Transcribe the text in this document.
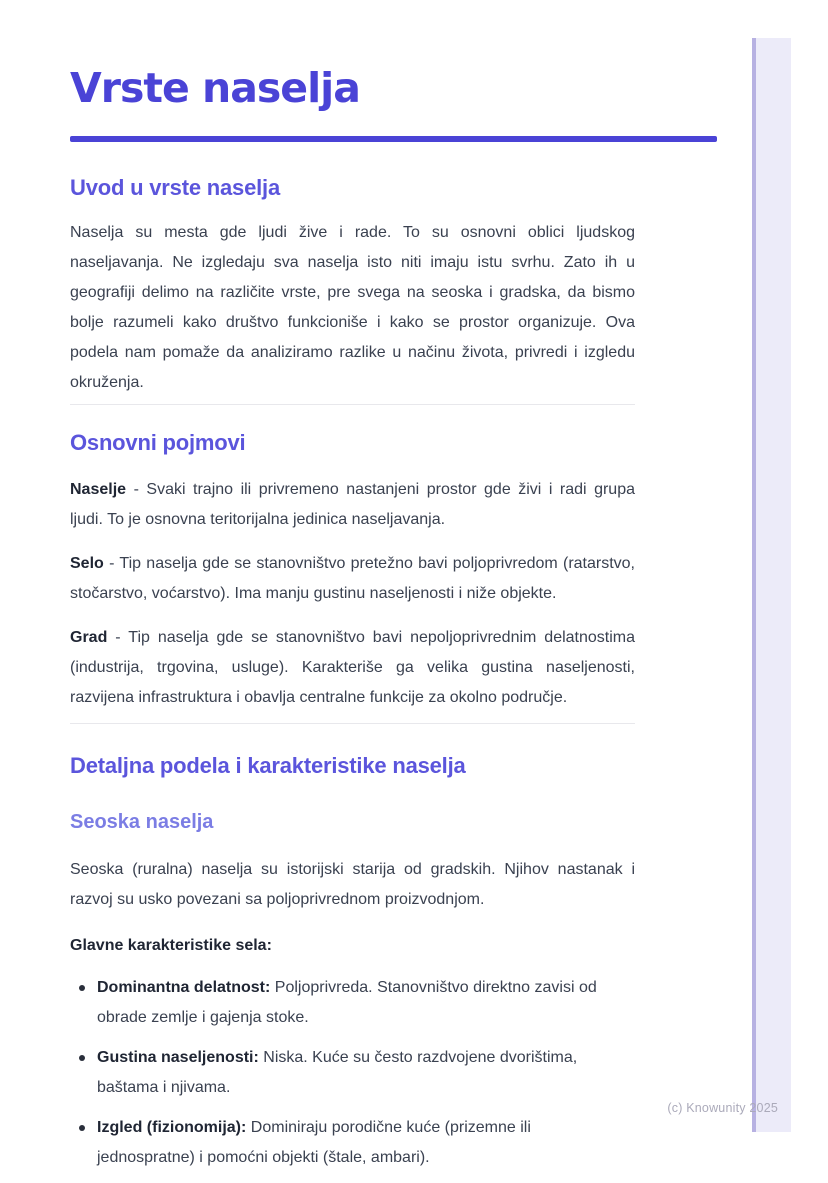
Vrste naselja
Uvod u vrste naselja

Naselja su mesta gde ljudi žive i rade. To su osnovni oblici ljudskog naseljavanja. Ne izgledaju sva naselja isto niti imaju istu svrhu. Zato ih u geografiji delimo na različite vrste, pre svega na seoska i gradska, da bismo bolje razumeli kako društvo funkcioniše i kako se prostor organizuje. Ova podela nam pomaže da analiziramo razlike u načinu života, privredi i izgledu okruženja.

Osnovni pojmovi

Naselje - Svaki trajno ili privremeno nastanjeni prostor gde živi i radi grupa ljudi. To je osnovna teritorijalna jedinica naseljavanja.

Selo - Tip naselja gde se stanovništvo pretežno bavi poljoprivredom (ratarstvo, stočarstvo, voćarstvo). Ima manju gustinu naseljenosti i niže objekte.

Grad - Tip naselja gde se stanovništvo bavi nepoljoprivrednim delatnostima (industrija, trgovina, usluge). Karakteriše ga velika gustina naseljenosti, razvijena infrastruktura i obavlja centralne funkcije za okolno područje.

Detaljna podela i karakteristike naselja
Seoska naselja

Seoska (ruralna) naselja su istorijski starija od gradskih. Njihov nastanak i razvoj su usko povezani sa poljoprivrednom proizvodnjom.

Glavne karakteristike sela:

Dominantna delatnost: Poljoprivreda. Stanovništvo direktno zavisi od obrade zemlje i gajenja stoke.
Gustina naseljenosti: Niska. Kuće su često razdvojene dvorištima, baštama i njivama.
Izgled (fizionomija): Dominiraju porodične kuće (prizemne ili jednospratne) i pomoćni objekti (štale, ambari).
(c) Knowunity 2025
